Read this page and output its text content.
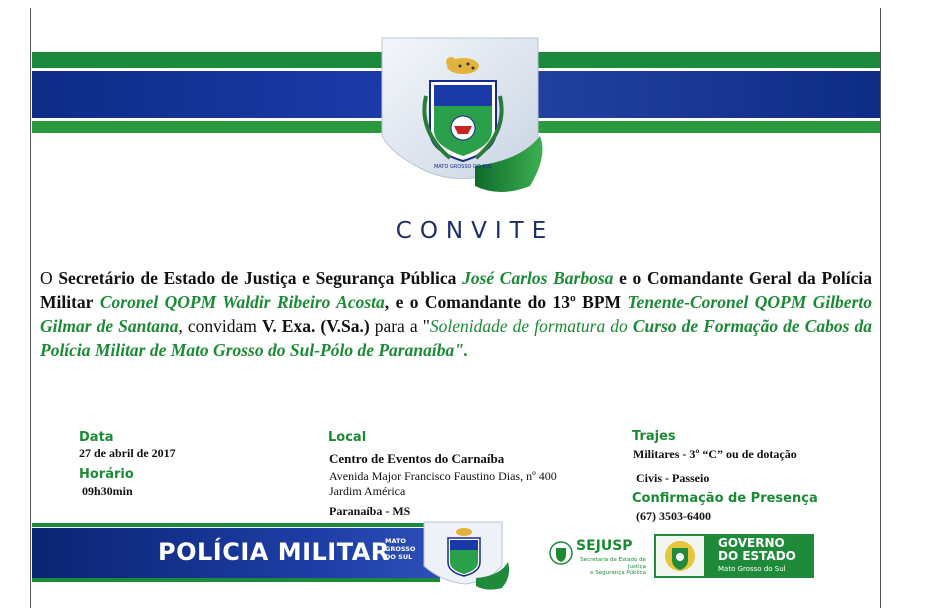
MATO GROSSO DO SUL
CONVITE
O Secretário de Estado de Justiça e Segurança Pública José Carlos Barbosa e o Comandante Geral da Polícia Militar Coronel QOPM Waldir Ribeiro Acosta, e o Comandante do 13º BPM Tenente-Coronel QOPM Gilberto Gilmar de Santana, convidam V. Exa. (V.Sa.) para a "Solenidade de formatura do Curso de Formação de Cabos da Polícia Militar de Mato Grosso do Sul-Pólo de Paranaíba".
Data
27 de abril de 2017
Horário
09h30min
Local
Centro de Eventos do Carnaíba
Avenida Major Francisco Faustino Dias, nº 400
Jardim América
Paranaíba - MS
Trajes
Militares - 3º “C” ou de dotação
Civis - Passeio
Confirmação de Presença
(67) 3503-6400
POLÍCIA MILITAR
MATO
GROSSO
DO SUL
SEJUSP
Secretaria de Estado de Justiça
e Segurança Pública
GOVERNO
DO ESTADO
Mato Grosso do Sul
